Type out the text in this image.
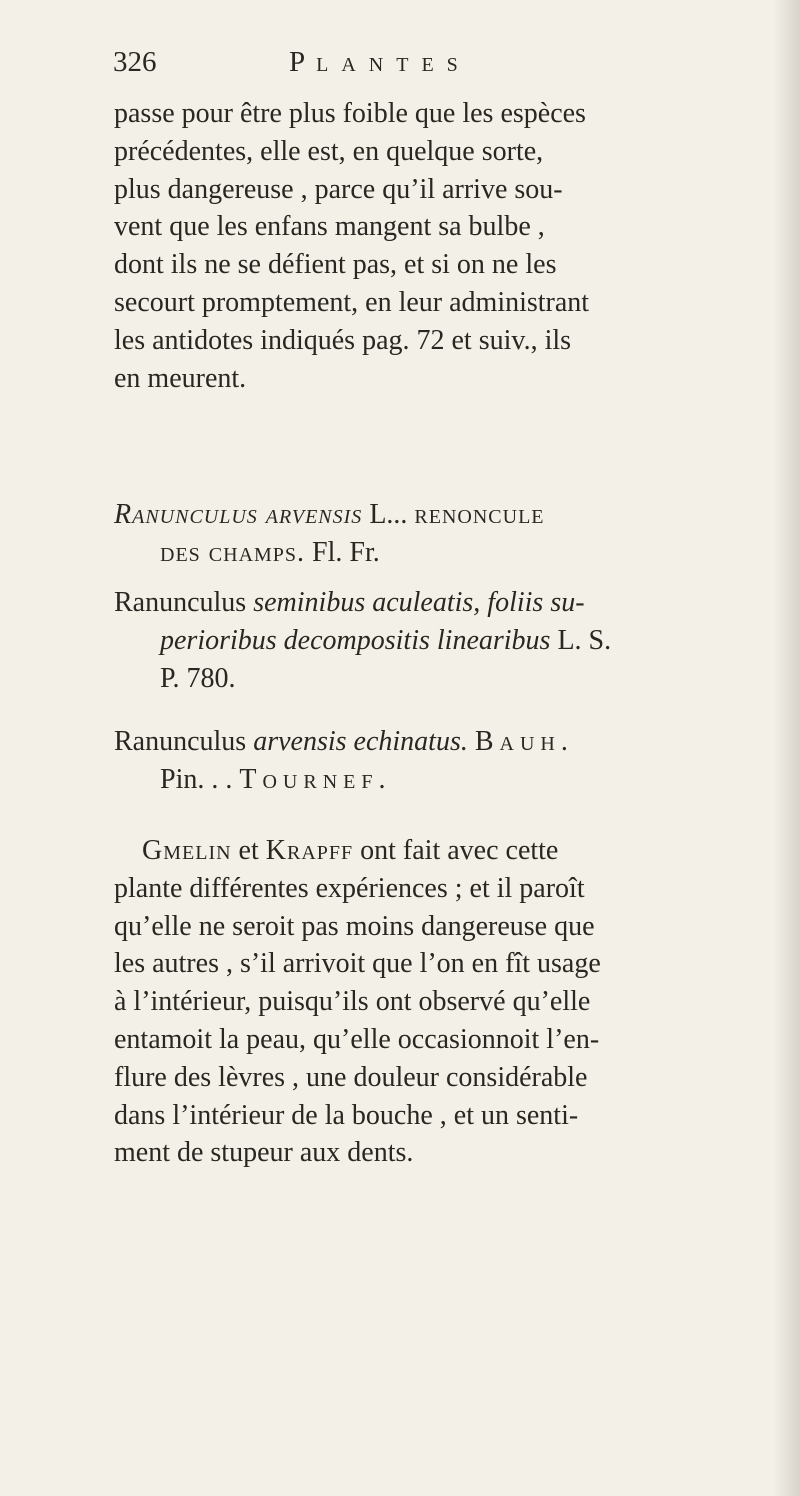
326	PLANTES
passe pour être plus foible que les espèces
précédentes, elle est, en quelque sorte,
plus dangereuse , parce qu’il arrive sou-
vent que les enfans mangent sa bulbe ,
dont ils ne se défient pas, et si on ne les
secourt promptement, en leur administrant
les antidotes indiqués pag. 72 et suiv., ils
en meurent.
Ranunculus arvensis L... renoncule
des champs. Fl. Fr.
Ranunculus seminibus aculeatis, foliis su-
perioribus decompositis linearibus L. S.
P. 780.
Ranunculus arvensis echinatus. Bauh.
Pin. . . Tournef.
Gmelin et Krapff ont fait avec cette
plante différentes expériences ; et il paroît
qu’elle ne seroit pas moins dangereuse que
les autres , s’il arrivoit que l’on en fît usage
à l’intérieur, puisqu’ils ont observé qu’elle
entamoit la peau, qu’elle occasionnoit l’en-
flure des lèvres , une douleur considérable
dans l’intérieur de la bouche , et un senti-
ment de stupeur aux dents.
